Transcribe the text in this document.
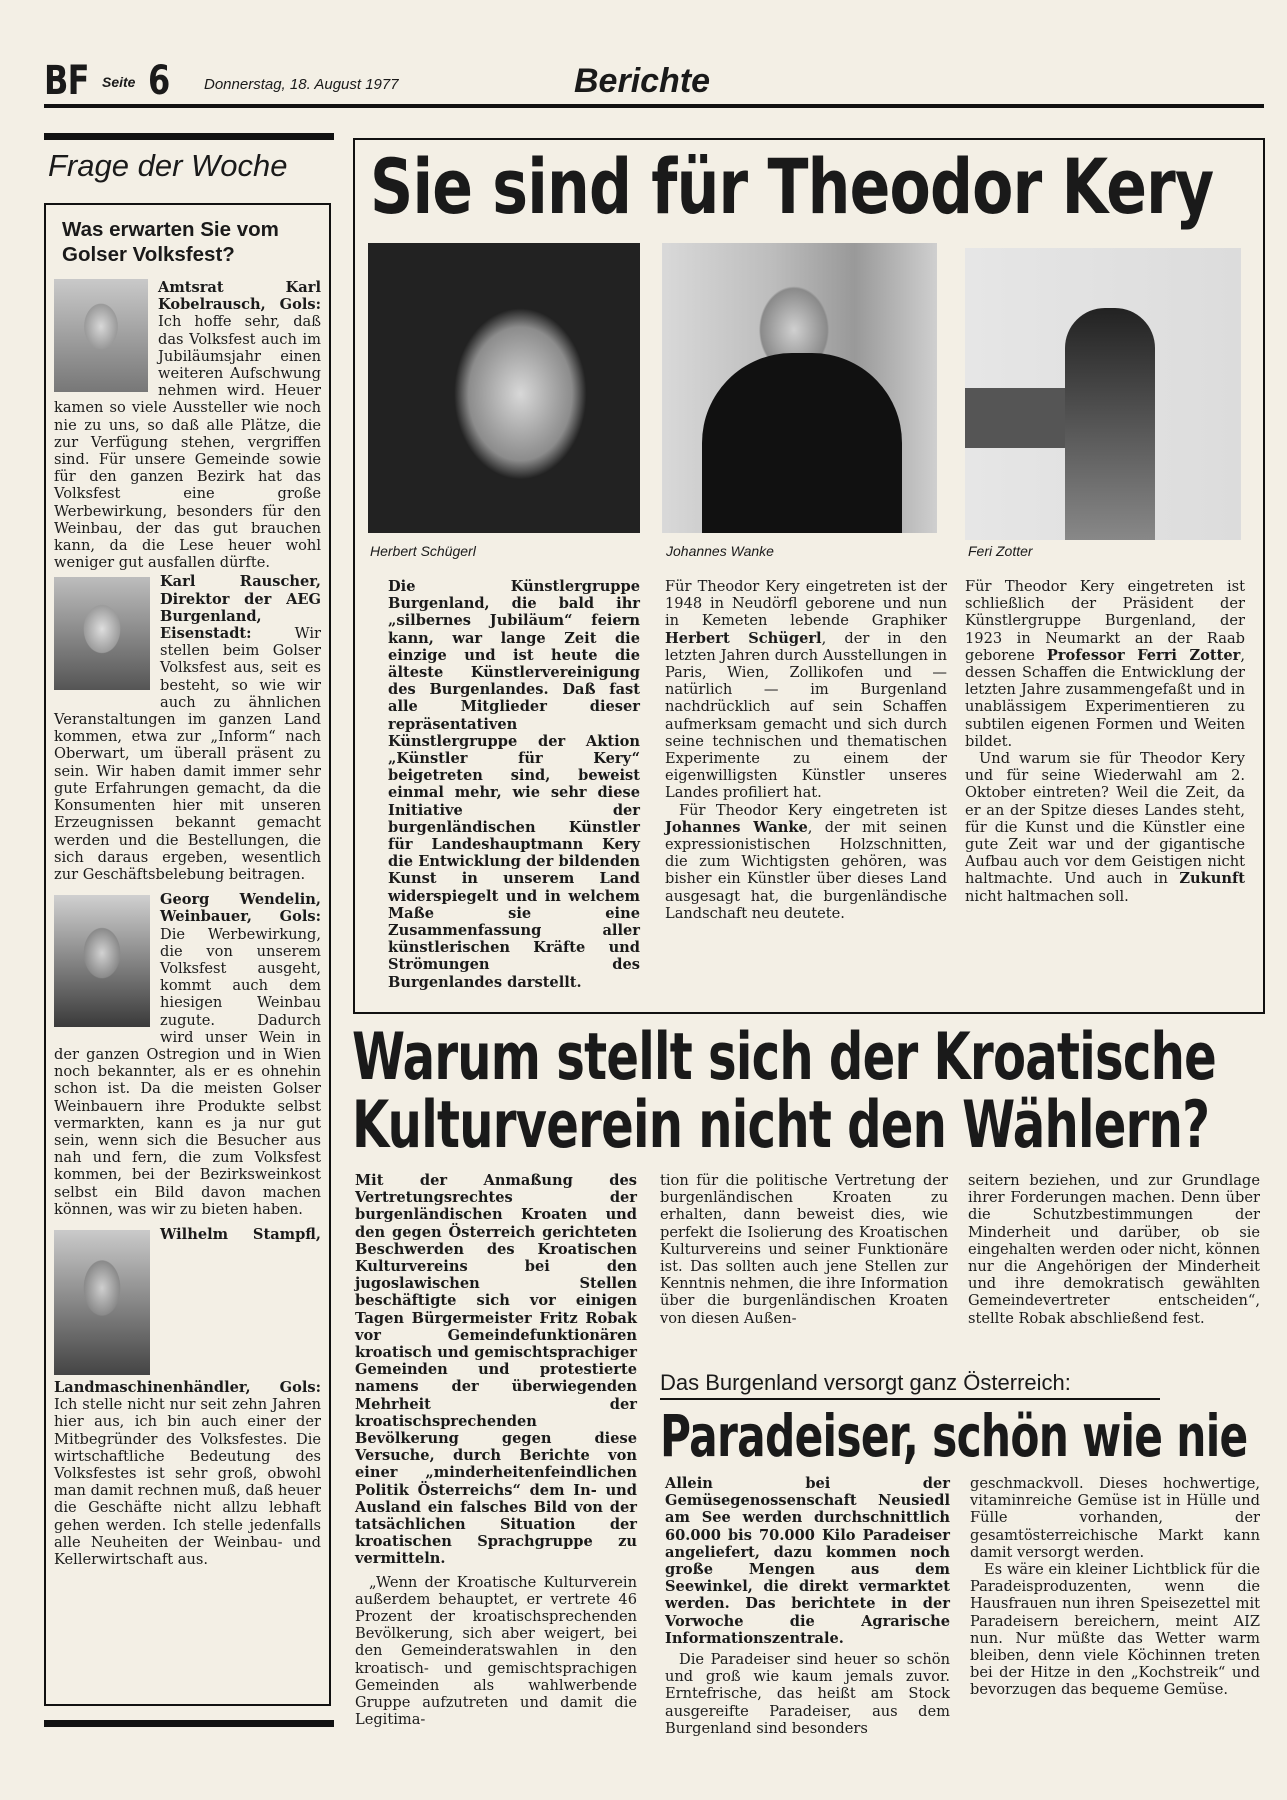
BF Seite 6 Donnerstag, 18. August 1977	Berichte
Frage der Woche
Was erwarten Sie vom Golser Volksfest?
Amtsrat Karl Kobelrausch, Gols: Ich hoffe sehr, daß das Volksfest auch im Jubiläumsjahr einen weiteren Aufschwung nehmen wird. Heuer kamen so viele Aussteller wie noch nie zu uns, so daß alle Plätze, die zur Verfügung stehen, vergriffen sind. Für unsere Gemeinde sowie für den ganzen Bezirk hat das Volksfest eine große Werbewirkung, besonders für den Weinbau, der das gut brauchen kann, da die Lese heuer wohl weniger gut ausfallen dürfte.
Karl Rauscher, Direktor der AEG Burgenland, Eisenstadt:	Wir stellen beim Golser Volksfest aus, seit es besteht, so wie wir auch zu ähnlichen Veranstaltungen im ganzen Land kommen, etwa zur „Inform“ nach Oberwart, um überall präsent zu sein. Wir haben damit immer sehr gute Erfahrungen gemacht, da die Konsumenten hier mit unseren Erzeugnissen bekannt gemacht werden und die Bestellungen, die sich daraus ergeben, wesentlich zur Geschäftsbelebung beitragen.
Georg Wendelin, Weinbauer, Gols: Die Werbewirkung, die von unserem Volksfest ausgeht, kommt auch dem hiesigen Weinbau zugute. Dadurch wird unser Wein in der ganzen Ostregion und in Wien noch bekannter, als er es ohnehin schon ist. Da die meisten Golser Weinbauern ihre Produkte selbst vermarkten, kann es ja nur gut sein, wenn sich die Besucher aus nah und fern, die zum Volksfest kommen, bei der Bezirksweinkost selbst ein Bild davon machen können, was wir zu bieten haben.
Wilhelm Stampfl, Landmaschinenhändler, Gols: Ich stelle nicht nur seit zehn Jahren hier aus, ich bin auch einer der Mitbegründer des Volksfestes. Die wirtschaftliche Bedeutung des Volksfestes ist sehr groß, obwohl man damit rechnen muß, daß heuer die Geschäfte nicht allzu lebhaft gehen werden. Ich stelle jedenfalls alle Neuheiten der Weinbau- und Kellerwirtschaft aus.
Sie sind für Theodor Kery
Herbert Schügerl	Johannes Wanke	Feri Zotter
Die Künstlergruppe Burgenland, die bald ihr „silbernes Jubiläum“ feiern kann, war lange Zeit die einzige und ist heute die älteste Künstlervereinigung des Burgenlandes. Daß fast alle Mitglieder dieser repräsentativen Künstlergruppe der Aktion „Künstler für Kery“ beigetreten sind, beweist einmal mehr, wie sehr diese Initiative der burgenländischen Künstler für Landeshauptmann Kery die Entwicklung der bildenden Kunst in unserem Land widerspiegelt und in welchem Maße sie eine Zusammenfassung aller künstlerischen Kräfte und Strömungen des Burgenlandes darstellt.

Für Theodor Kery eingetreten ist der 1948 in Neudörfl geborene und nun in Kemeten lebende Graphiker Herbert Schügerl, der in den letzten Jahren durch Ausstellungen in Paris, Wien, Zollikofen und — natürlich — im Burgenland nachdrücklich auf sein Schaffen aufmerksam gemacht und sich durch seine technischen und thematischen Experimente zu einem der eigenwilligsten Künstler unseres Landes profiliert hat.

Für Theodor Kery eingetreten ist Johannes Wanke, der mit seinen expressionistischen Holzschnitten, die zum Wichtigsten gehören, was bisher ein Künstler über dieses Land ausgesagt hat, die burgenländische Landschaft neu deutete.

Für Theodor Kery eingetreten ist schließlich der Präsident der Künstlergruppe Burgenland, der 1923 in Neumarkt an der Raab geborene Professor Ferri Zotter, dessen Schaffen die Entwicklung der letzten Jahre zusammengefaßt und in unablässigem Experimentieren zu subtilen eigenen Formen und Weiten bildet.

Und warum sie für Theodor Kery und für seine Wiederwahl am 2. Oktober eintreten? Weil die Zeit, da er an der Spitze dieses Landes steht, für die Kunst und die Künstler eine gute Zeit war und der gigantische Aufbau auch vor dem Geistigen nicht haltmachte. Und auch in Zukunft nicht haltmachen soll.

Warum stellt sich der Kroatische
Kulturverein nicht den Wählern?

Mit der Anmaßung des Vertretungsrechtes der burgenländischen Kroaten und den gegen Österreich gerichteten Beschwerden des Kroatischen Kulturvereins bei den jugoslawischen Stellen beschäftigte sich vor einigen Tagen Bürgermeister Fritz Robak vor Gemeindefunktionären kroatisch und gemischtsprachiger Gemeinden und protestierte namens der überwiegenden Mehrheit der kroatischsprechenden Bevölkerung gegen diese Versuche, durch Berichte von einer „minderheitenfeindlichen Politik Österreichs“ dem In- und Ausland ein falsches Bild von der tatsächlichen Situation der kroatischen Sprachgruppe zu vermitteln.

„Wenn der Kroatische Kulturverein außerdem behauptet, er vertrete 46 Prozent der kroatischsprechenden Bevölkerung, sich aber weigert, bei den Gemeinderatswahlen in den kroatisch- und gemischtsprachigen Gemeinden als wahlwerbende Gruppe aufzutreten und damit die Legitima-

tion für die politische Vertretung der burgenländischen Kroaten zu erhalten, dann beweist dies, wie perfekt die Isolierung des Kroatischen Kulturvereins und seiner Funktionäre ist. Das sollten auch jene Stellen zur Kenntnis nehmen, die ihre Information über die burgenländischen Kroaten von diesen Außen-
seitern beziehen, und zur Grundlage ihrer Forderungen machen. Denn über die Schutzbestimmungen der Minderheit und darüber, ob sie eingehalten werden oder nicht, können nur die Angehörigen der Minderheit und ihre demokratisch gewählten Gemeindevertreter entscheiden“, stellte Robak abschließend fest.
Das Burgenland versorgt ganz Österreich:
Paradeiser, schön wie nie

Allein bei der Gemüsegenossenschaft Neusiedl am See werden durchschnittlich 60.000 bis 70.000 Kilo Paradeiser angeliefert, dazu kommen noch große Mengen aus dem Seewinkel, die direkt vermarktet werden. Das berichtete in der Vorwoche die Agrarische Informationszentrale.

Die Paradeiser sind heuer so schön und groß wie kaum jemals zuvor. Erntefrische, das heißt am Stock ausgereifte Paradeiser, aus dem Burgenland sind besonders

geschmackvoll. Dieses hochwertige, vitaminreiche Gemüse ist in Hülle und Fülle vorhanden, der gesamtösterreichische Markt kann damit versorgt werden.

Es wäre ein kleiner Lichtblick für die Paradeisproduzenten, wenn die Hausfrauen nun ihren Speisezettel mit Paradeisern bereichern, meint AIZ nun. Nur müßte das Wetter warm bleiben, denn viele Köchinnen treten bei der Hitze in den „Kochstreik“ und bevorzugen das bequeme Gemüse.
